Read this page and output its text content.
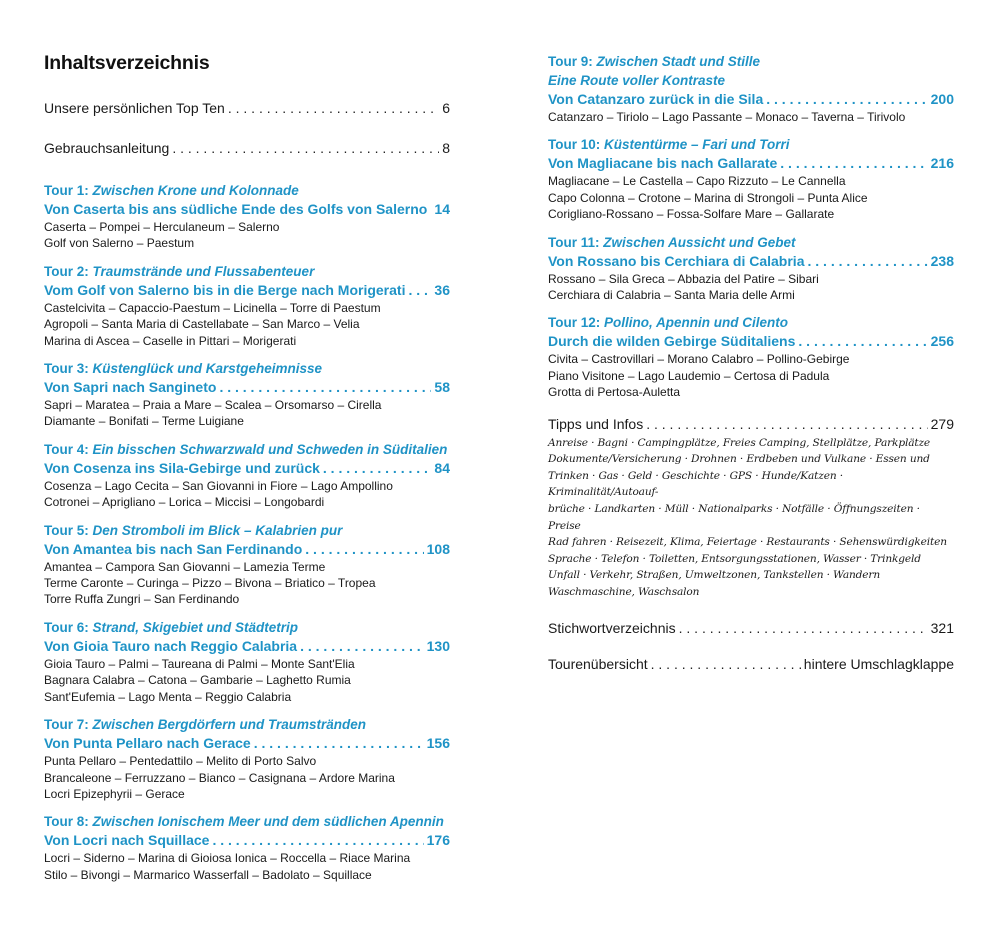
Inhaltsverzeichnis
Unsere persönlichen Top Ten . . .	6
Gebrauchsanleitung . . .	8
Tour 1: Zwischen Krone und Kolonnade
Von Caserta bis ans südliche Ende des Golfs von Salerno . . . 14
Caserta – Pompei – Herculaneum – Salerno
Golf von Salerno – Paestum
Tour 2: Traumstrände und Flussabenteuer
Vom Golf von Salerno bis in die Berge nach Morigerati . . . 36
Castelcivita – Capaccio-Paestum – Licinella – Torre di Paestum
Agropoli – Santa Maria di Castellabate – San Marco – Velia
Marina di Ascea – Caselle in Pittari – Morigerati
Tour 3: Küstenglück und Karstgeheimnisse
Von Sapri nach Sangineto . . .	58
Sapri – Maratea – Praia a Mare – Scalea – Orsomarso – Cirella
Diamante – Bonifati – Terme Luigiane
Tour 4: Ein bisschen Schwarzwald und Schweden in Süditalien
Von Cosenza ins Sila-Gebirge und zurück . . .	84
Cosenza – Lago Cecita – San Giovanni in Fiore – Lago Ampollino
Cotronei – Aprigliano – Lorica – Miccisi – Longobardi
Tour 5: Den Stromboli im Blick – Kalabrien pur
Von Amantea bis nach San Ferdinando . . .	108
Amantea – Campora San Giovanni – Lamezia Terme
Terme Caronte – Curinga – Pizzo – Bivona – Briatico – Tropea
Torre Ruffa Zungri – San Ferdinando
Tour 6: Strand, Skigebiet und Städtetrip
Von Gioia Tauro nach Reggio Calabria . . .	130
Gioia Tauro – Palmi – Taureana di Palmi – Monte Sant'Elia
Bagnara Calabra – Catona – Gambarie – Laghetto Rumia
Sant'Eufemia – Lago Menta – Reggio Calabria
Tour 7: Zwischen Bergdörfern und Traumstränden
Von Punta Pellaro nach Gerace . . .	156
Punta Pellaro – Pentedattilo – Melito di Porto Salvo
Brancaleone – Ferruzzano – Bianco – Casignana – Ardore Marina
Locri Epizephyrii – Gerace
Tour 8: Zwischen Ionischem Meer und dem südlichen Apennin
Von Locri nach Squillace . . .	176
Locri – Siderno – Marina di Gioiosa Ionica – Roccella – Riace Marina
Stilo – Bivongi – Marmarico Wasserfall – Badolato – Squillace
Tour 9: Zwischen Stadt und Stille
Eine Route voller Kontraste
Von Catanzaro zurück in die Sila . . .	200
Catanzaro – Tiriolo – Lago Passante – Monaco – Taverna – Tirivolo
Tour 10: Küstentürme – Fari und Torri
Von Magliacane bis nach Gallarate . . .	216
Magliacane – Le Castella – Capo Rizzuto – Le Cannella
Capo Colonna – Crotone – Marina di Strongoli – Punta Alice
Corigliano-Rossano – Fossa-Solfare Mare – Gallarate
Tour 11: Zwischen Aussicht und Gebet
Von Rossano bis Cerchiara di Calabria . . .	238
Rossano – Sila Greca – Abbazia del Patire – Sibari
Cerchiara di Calabria – Santa Maria delle Armi
Tour 12: Pollino, Apennin und Cilento
Durch die wilden Gebirge Süditaliens . . .	256
Civita – Castrovillari – Morano Calabro – Pollino-Gebirge
Piano Visitone – Lago Laudemio – Certosa di Padula
Grotta di Pertosa-Auletta
Tipps und Infos . . .	279
Anreise · Bagni · Campingplätze, Freies Camping, Stellplätze, Parkplätze
Dokumente/Versicherung · Drohnen · Erdbeben und Vulkane · Essen und
Trinken · Gas · Geld · Geschichte · GPS · Hunde/Katzen · Kriminalität/Autoauf-
brüche · Landkarten · Müll · Nationalparks · Notfälle · Öffnungszeiten · Preise
Rad fahren · Reisezeit, Klima, Feiertage · Restaurants · Sehenswürdigkeiten
Sprache · Telefon · Toiletten, Entsorgungsstationen, Wasser · Trinkgeld
Unfall · Verkehr, Straßen, Umweltzonen, Tankstellen · Wandern
Waschmaschine, Waschsalon
Stichwortverzeichnis . . .	321
Tourenübersicht . . .	hintere Umschlagklappe
